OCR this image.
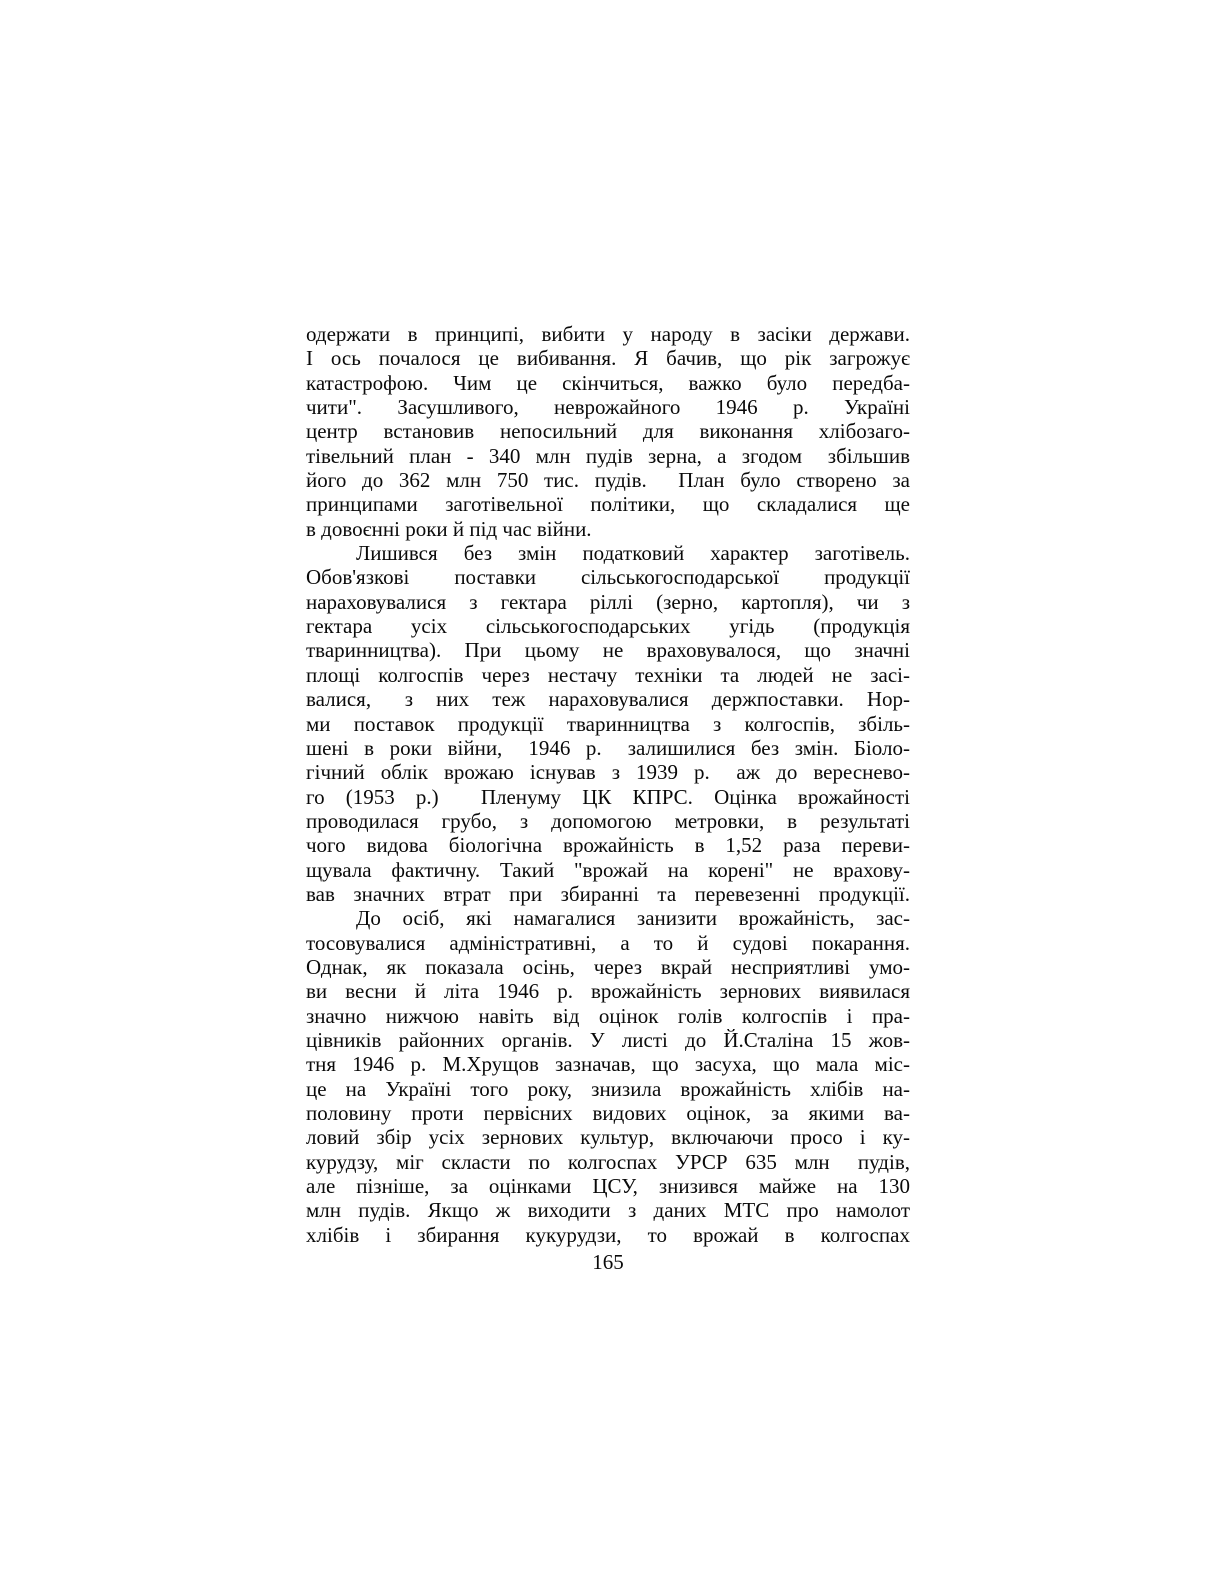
одержати в принципі, вибити у народу в засіки держави.
І ось почалося це вибивання. Я бачив, що рік загрожує
катастрофою. Чим це скінчиться, важко було передба-
чити". Засушливого, неврожайного 1946 р. Україні
центр встановив непосильний для виконання хлібозаго-
тівельний план - 340 млн пудів зерна, а згодом  збільшив
його до 362 млн 750 тис. пудів.  План було створено за
принципами заготівельної політики, що складалися ще
в довоєнні роки й під час війни.
Лишився без змін податковий характер заготівель.
Обов'язкові поставки сільськогосподарської продукції
нараховувалися з гектара ріллі (зерно, картопля), чи з
гектара усіх сільськогосподарських угідь (продукція
тваринництва). При цьому не враховувалося, що значні
площі колгоспів через нестачу техніки та людей не засі-
валися,  з них теж нараховувалися держпоставки. Нор-
ми поставок продукції тваринництва з колгоспів, збіль-
шені в роки війни,  1946 р.  залишилися без змін. Біоло-
гічний облік врожаю існував з 1939 р.  аж до вереснево-
го (1953 р.)  Пленуму ЦК КПРС. Оцінка врожайності
проводилася грубо, з допомогою метровки, в результаті
чого видова біологічна врожайність в 1,52 раза переви-
щувала фактичну. Такий "врожай на корені" не врахову-
вав значних втрат при збиранні та перевезенні продукції.
До осіб, які намагалися занизити врожайність, зас-
тосовувалися адміністративні, а то й судові покарання.
Однак, як показала осінь, через вкрай несприятливі умо-
ви весни й літа 1946 р. врожайність зернових виявилася
значно нижчою навіть від оцінок голів колгоспів і пра-
цівників районних органів. У листі до Й.Сталіна 15 жов-
тня 1946 р. М.Хрущов зазначав, що засуха, що мала міс-
це на Україні того року, знизила врожайність хлібів на-
половину проти первісних видових оцінок, за якими ва-
ловий збір усіх зернових культур, включаючи просо і ку-
курудзу, міг скласти по колгоспах УРСР 635 млн  пудів,
але пізніше, за оцінками ЦСУ, знизився майже на 130
млн пудів. Якщо ж виходити з даних МТС про намолот
хлібів і збирання кукурудзи, то врожай в колгоспах
165
